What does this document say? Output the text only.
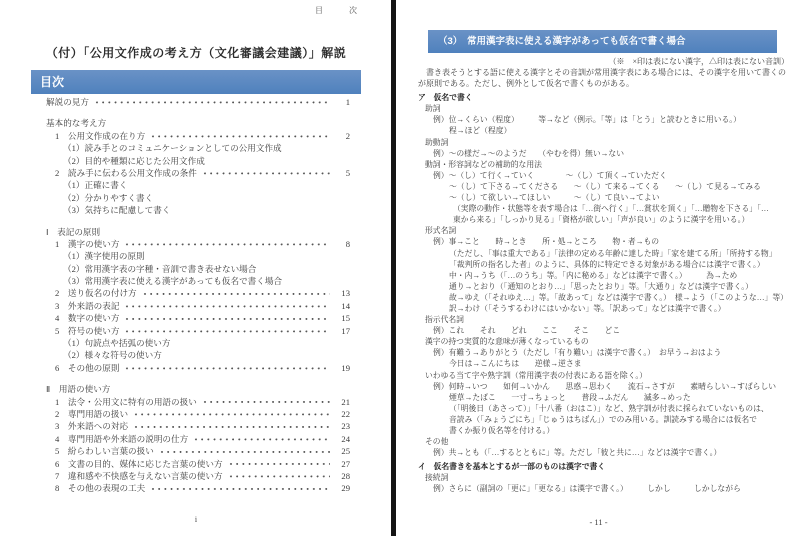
目　次
（付）「公用文作成の考え方（文化審議会建議）」解説
目次
解説の見方	1
基本的な考え方
1　公用文作成の在り方	2
（1）読み手とのコミュニケーションとしての公用文作成
（2）目的や種類に応じた公用文作成
2　読み手に伝わる公用文作成の条件	5
（1）正確に書く
（2）分かりやすく書く
（3）気持ちに配慮して書く
Ⅰ　表記の原則
1　漢字の使い方	8
（1）漢字使用の原則
（2）常用漢字表の字種・音訓で書き表せない場合
（3）常用漢字表に使える漢字があっても仮名で書く場合
2　送り仮名の付け方	13
3　外来語の表記	14
4　数字の使い方	15
5　符号の使い方	17
（1）句読点や括弧の使い方
（2）様々な符号の使い方
6　その他の原則	19
Ⅱ　用語の使い方
1　法令・公用文に特有の用語の扱い	21
2　専門用語の扱い	22
3　外来語への対応	23
4　専門用語や外来語の説明の仕方	24
5　紛らわしい言葉の扱い	25
6　文書の目的、媒体に応じた言葉の使い方	27
7　違和感や不快感を与えない言葉の使い方	28
8　その他の表現の工夫	29
i
（3）　常用漢字表に使える漢字があっても仮名で書く場合
（※　×印は表にない漢字，△印は表にない音訓）

書き表そうとする語に使える漢字とその音訓が常用漢字表にある場合には、その漢字を用いて書くのが原則である。ただし、例外として仮名で書くものがある。

ア　仮名で書く
助詞
例）位→くらい（程度）　　　等→など（例示。「等」は「とう」と読むときに用いる。）
程→ほど（程度）
助動詞
例）～の様だ→～のようだ　　（やむを得）無い→ない
動詞・形容詞などの補助的な用法
例）～（し）て行く→ていく　　　　～（し）て頂く→ていただく
～（し）て下さる→てくださる　　～（し）て来る→てくる　　～（し）て見る→てみる
～（し）て欲しい→てほしい　　　～（し）て良い→てよい
（実際の動作・状態等を表す場合は「…街へ行く」「…賞状を頂く」「…贈物を下さる」「…
東から来る」「しっかり見る」「資格が欲しい」「声が良い」のように漢字を用いる。）
形式名詞
例）事→こと　　時→とき　　所・処→ところ　　物・者→もの
（ただし、「事は重大である」「法律の定める年齢に達した時」「家を建てる所」「所持する物」
「裁判所の指名した者」のように、具体的に特定できる対象がある場合には漢字で書く。）
中・内→うち（「…のうち」等。「内に秘める」などは漢字で書く。）　　　為→ため
通り→とおり（「通知のとおり…」「思ったとおり」等。「大通り」などは漢字で書く。）
故→ゆえ（「それゆえ…」等。「故あって」などは漢字で書く。）　様→よう（「このような…」等）
訳→わけ（「そうするわけにはいかない」等。「訳あって」などは漢字で書く。）
指示代名詞
例）これ　　それ　　どれ　　ここ　　そこ　　どこ
漢字の持つ実質的な意味が薄くなっているもの
例）有難う→ありがとう（ただし「有り難い」は漢字で書く。）　お早う→おはよう
今日は→こんにちは　　逆様→逆さま
いわゆる当て字や熟字訓（常用漢字表の付表にある語を除く。）
例）何時→いつ　　如何→いかん　　思惑→思わく　　流石→さすが　　素晴らしい→すばらしい
煙草→たばこ　　一寸→ちょっと　　普段→ふだん　　滅多→めった
（「明後日（あさって）」「十八番（おはこ）」など、熟字訓が付表に採られていないものは、
音読み（「みょうごにち」「じゅうはちばん」）でのみ用いる。訓読みする場合には仮名で
書くか振り仮名等を付ける。）
その他
例）共→とも（「…するとともに」等。ただし「彼と共に…」などは漢字で書く。）
イ　仮名書きを基本とするが一部のものは漢字で書く
接続詞
例）さらに（副詞の「更に」「更なる」は漢字で書く。）　　　しかし　　　しかしながら
- 11 -
